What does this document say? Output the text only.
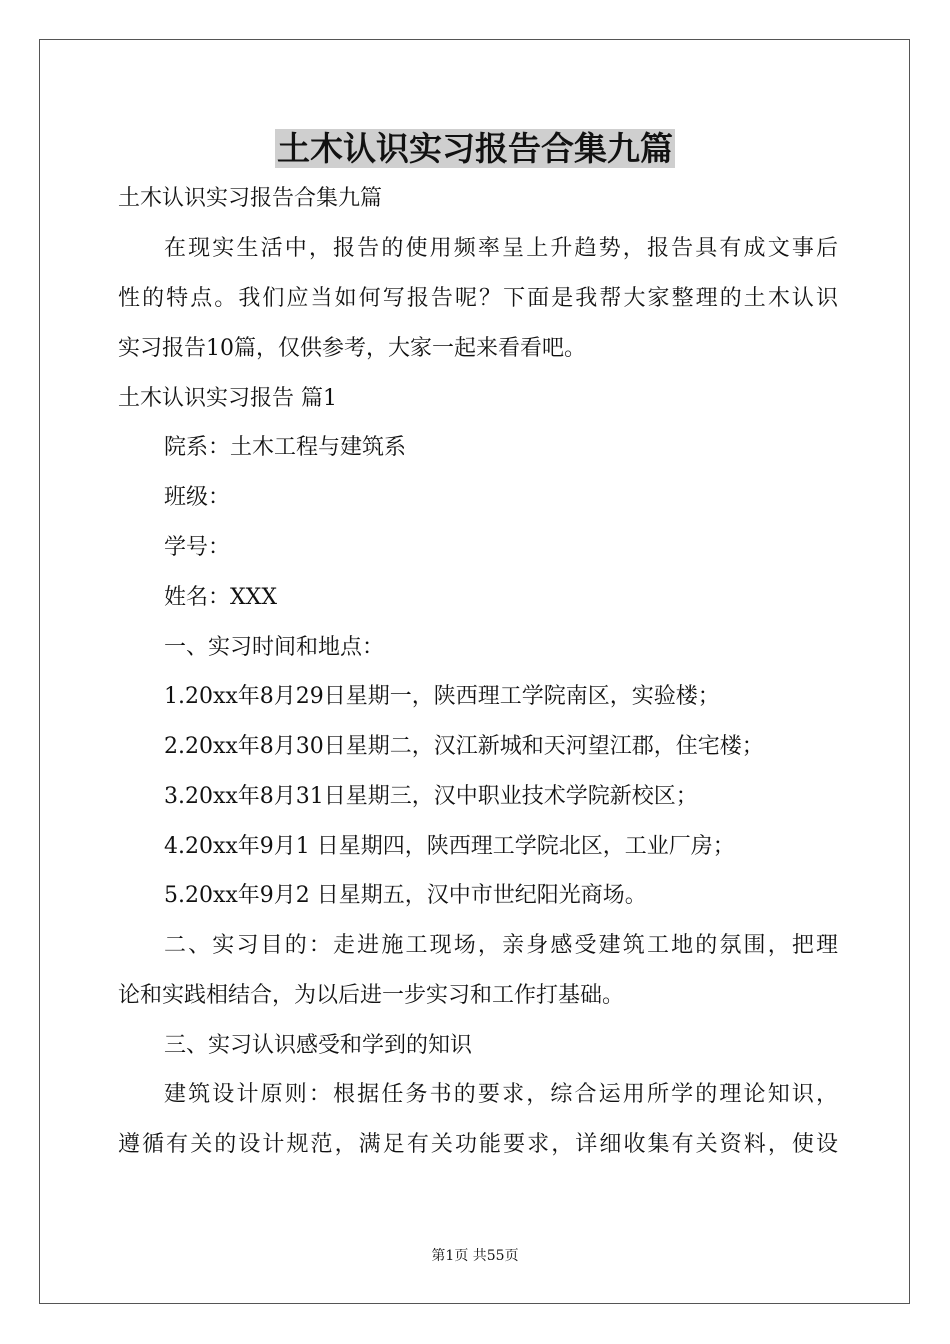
土木认识实习报告合集九篇
土木认识实习报告合集九篇
在现实生活中，报告的使用频率呈上升趋势，报告具有成文事后
性的特点。我们应当如何写报告呢？下面是我帮大家整理的土木认识
实习报告10篇，仅供参考，大家一起来看看吧。
土木认识实习报告 篇1
院系：土木工程与建筑系
班级：
学号：
姓名：XXX
一、实习时间和地点：
1.20xx年8月29日星期一，陕西理工学院南区，实验楼；
2.20xx年8月30日星期二，汉江新城和天河望江郡，住宅楼；
3.20xx年8月31日星期三，汉中职业技术学院新校区；
4.20xx年9月1 日星期四，陕西理工学院北区，工业厂房；
5.20xx年9月2 日星期五，汉中市世纪阳光商场。
二、实习目的：走进施工现场，亲身感受建筑工地的氛围，把理
论和实践相结合，为以后进一步实习和工作打基础。
三、实习认识感受和学到的知识
建筑设计原则：根据任务书的要求，综合运用所学的理论知识，
遵循有关的设计规范，满足有关功能要求，详细收集有关资料，使设
第1页 共55页
